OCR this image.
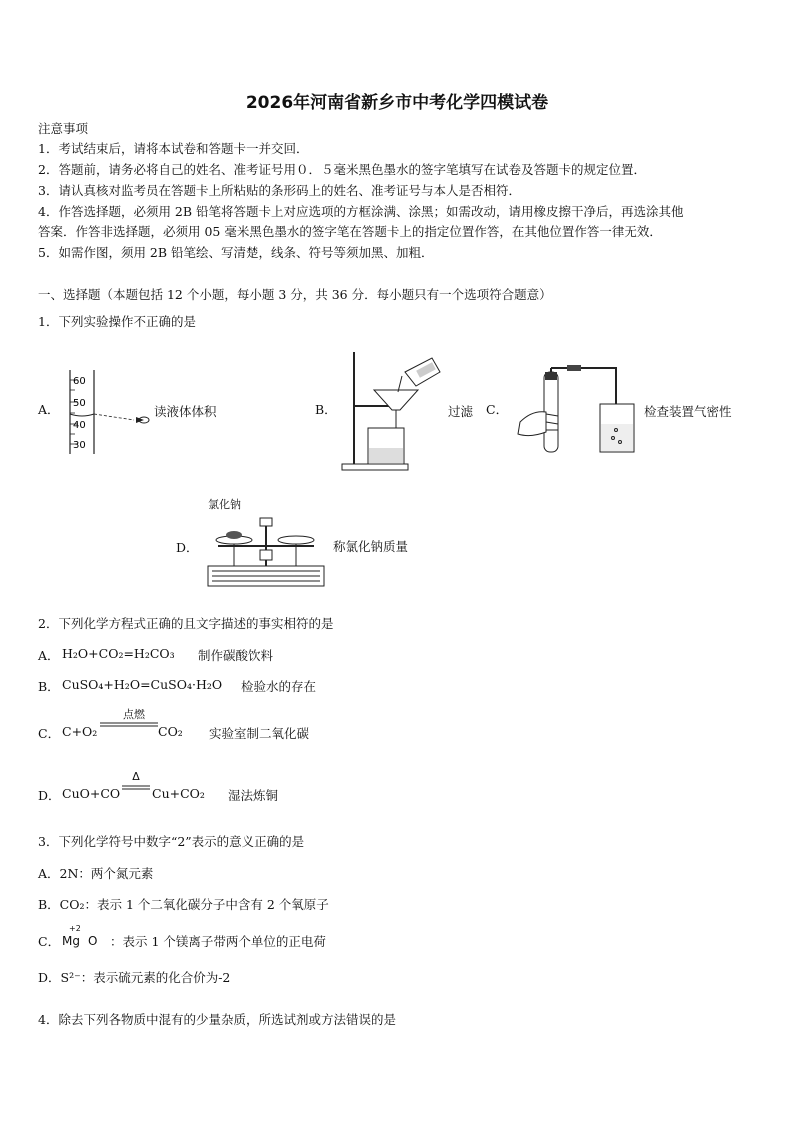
2026年河南省新乡市中考化学四模试卷
注意事项
1．考试结束后，请将本试卷和答题卡一并交回．
2．答题前，请务必将自己的姓名、准考证号用０．５毫米黑色墨水的签字笔填写在试卷及答题卡的规定位置．
3．请认真核对监考员在答题卡上所粘贴的条形码上的姓名、准考证号与本人是否相符．
4．作答选择题，必须用 2B 铅笔将答题卡上对应选项的方框涂满、涂黑；如需改动，请用橡皮擦干净后，再选涂其他
答案．作答非选择题，必须用 05 毫米黑色墨水的签字笔在答题卡上的指定位置作答，在其他位置作答一律无效．
5．如需作图，须用 2B 铅笔绘、写清楚，线条、符号等须加黑、加粗．
一、选择题（本题包括 12 个小题，每小题 3 分，共 36 分．每小题只有一个选项符合题意）
1．下列实验操作不正确的是
A．
60
50
40
30
读液体体积	B．	过滤 C．	检查装置气密性
D．
氯化钠
称氯化钠质量
2．下列化学方程式正确的且文字描述的事实相符的是
A． H₂O+CO₂=H₂CO₃ 制作碳酸饮料
B． CuSO₄+H₂O=CuSO₄·H₂O 检验水的存在
C． C+O₂
点燃
CO₂ 实验室制二氧化碳
D． CuO+CO
Δ
Cu+CO₂ 湿法炼铜
3．下列化学符号中数字“2”表示的意义正确的是
A．2N：两个氮元素
B．CO₂：表示 1 个二氧化碳分子中含有 2 个氧原子
C．
+2
Mg O ：表示 1 个镁离子带两个单位的正电荷
D．S²⁻：表示硫元素的化合价为-2
4．除去下列各物质中混有的少量杂质，所选试剂或方法错误的是
